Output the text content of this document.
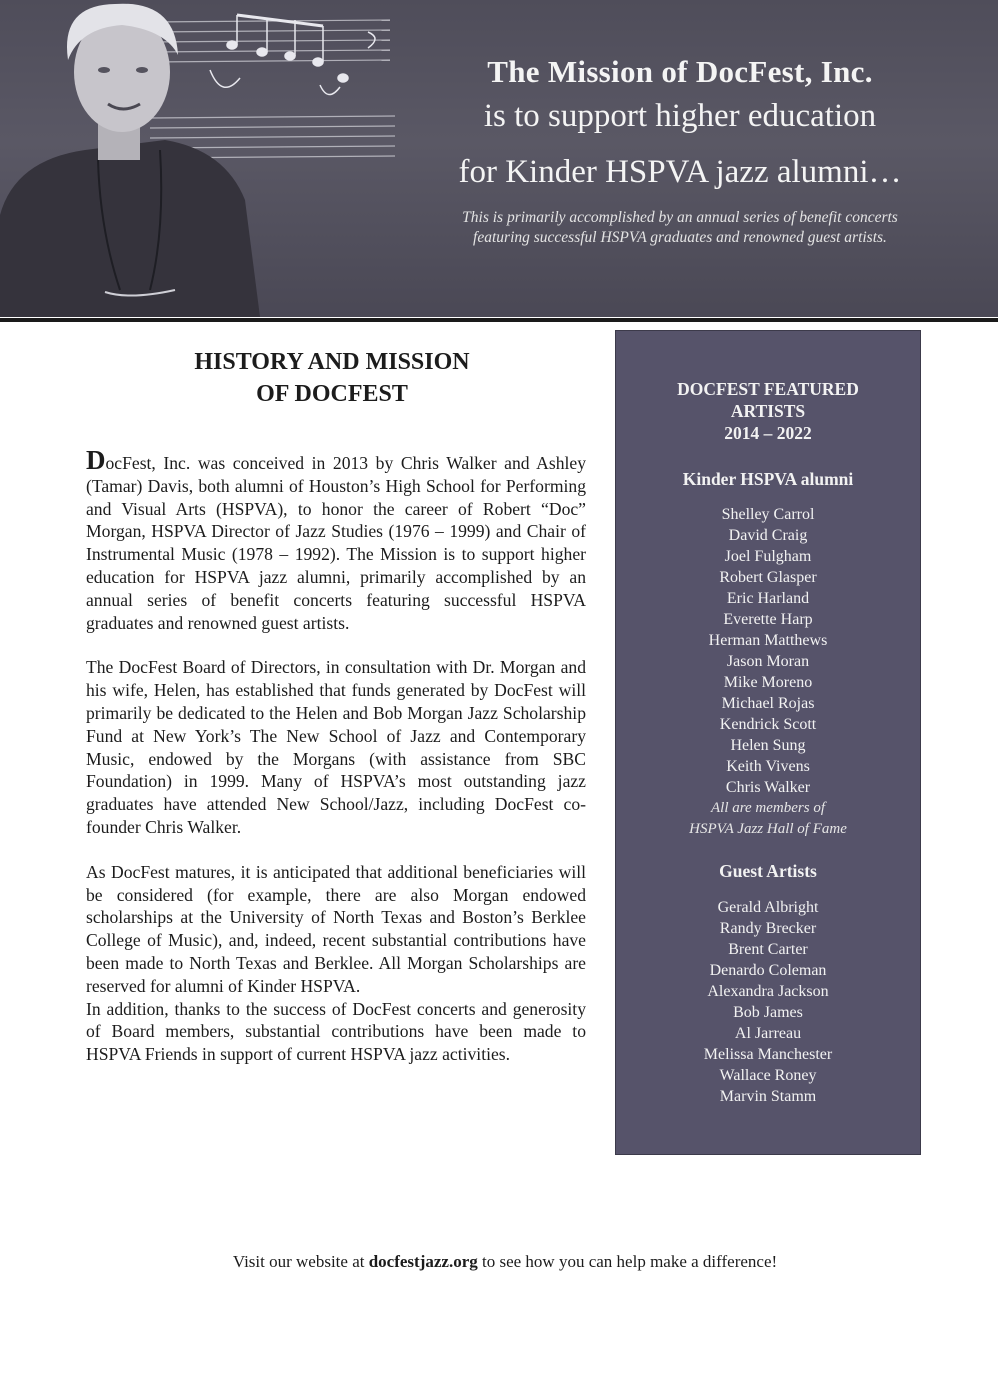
The Mission of DocFest, Inc.
is to support higher education
for Kinder HSPVA jazz alumni…
This is primarily accomplished by an annual series of benefit concerts
featuring successful HSPVA graduates and renowned guest artists.
HISTORY AND MISSION
OF DOCFEST

DocFest, Inc. was conceived in 2013 by Chris Walker and Ashley (Tamar) Davis, both alumni of Houston’s High School for Performing and Visual Arts (HSPVA), to honor the career of Robert “Doc” Morgan, HSPVA Director of Jazz Studies (1976 – 1999) and Chair of Instrumental Music (1978 – 1992). The Mission is to support higher education for HSPVA jazz alumni, primarily accomplished by an annual series of benefit concerts featuring successful HSPVA graduates and renowned guest artists.

The DocFest Board of Directors, in consultation with Dr. Morgan and his wife, Helen, has established that funds generated by DocFest will primarily be dedicated to the Helen and Bob Morgan Jazz Scholarship Fund at New York’s The New School of Jazz and Contemporary Music, endowed by the Morgans (with assistance from SBC Foundation) in 1999. Many of HSPVA’s most outstanding jazz graduates have attended New School/Jazz, including DocFest co-founder Chris Walker.

As DocFest matures, it is anticipated that additional beneficiaries will be considered (for example, there are also Morgan endowed scholarships at the University of North Texas and Boston’s Berklee College of Music), and, indeed, recent substantial contributions have been made to North Texas and Berklee. All Morgan Scholarships are reserved for alumni of Kinder HSPVA.

In addition, thanks to the success of DocFest concerts and generosity of Board members, substantial contributions have been made to HSPVA Friends in support of current HSPVA jazz activities.

DOCFEST FEATURED
ARTISTS
2014 – 2022
Kinder HSPVA alumni
Shelley Carrol
David Craig
Joel Fulgham
Robert Glasper
Eric Harland
Everette Harp
Herman Matthews
Jason Moran
Mike Moreno
Michael Rojas
Kendrick Scott
Helen Sung
Keith Vivens
Chris Walker
All are members of
HSPVA Jazz Hall of Fame
Guest Artists
Gerald Albright
Randy Brecker
Brent Carter
Denardo Coleman
Alexandra Jackson
Bob James
Al Jarreau
Melissa Manchester
Wallace Roney
Marvin Stamm
Visit our website at docfestjazz.org to see how you can help make a difference!
